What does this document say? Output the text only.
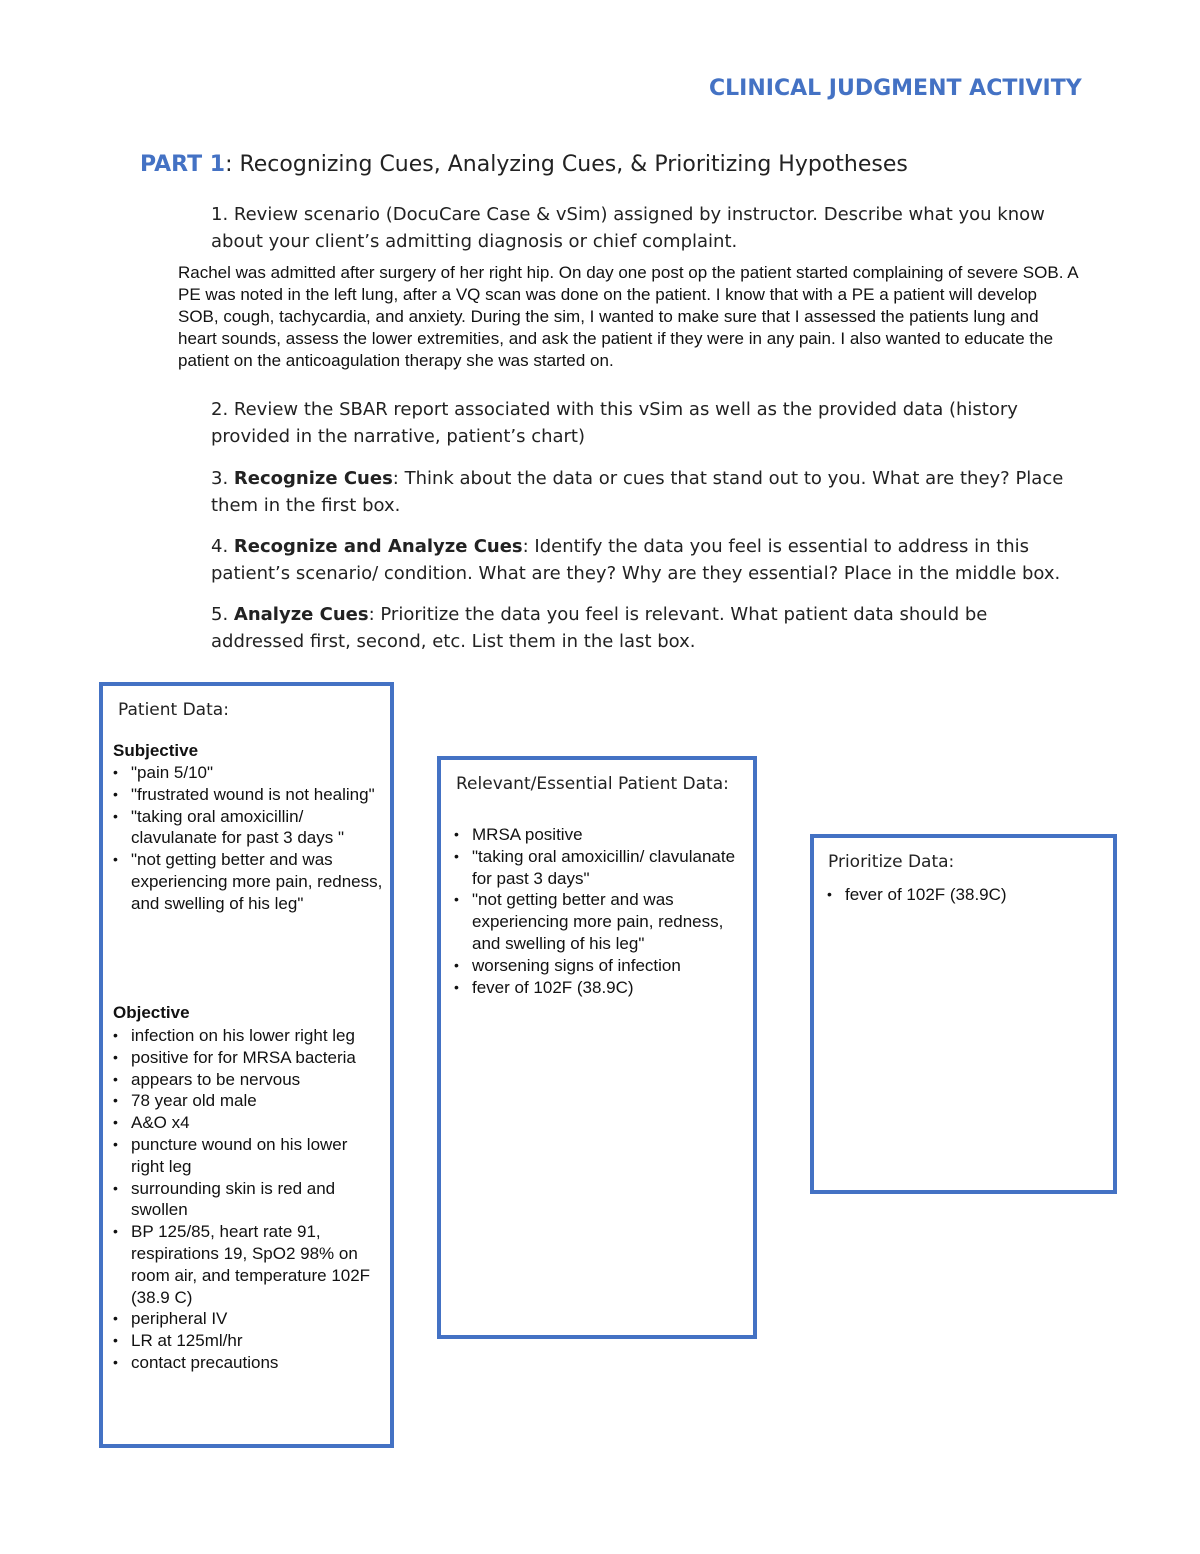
CLINICAL JUDGMENT ACTIVITY
PART 1: Recognizing Cues, Analyzing Cues, & Prioritizing Hypotheses
1. Review scenario (DocuCare Case & vSim) assigned by instructor. Describe what you know about your client’s admitting diagnosis or chief complaint.
Rachel was admitted after surgery of her right hip. On day one post op the patient started complaining of severe SOB. A PE was noted in the left lung, after a VQ scan was done on the patient. I know that with a PE a patient will develop SOB, cough, tachycardia, and anxiety. During the sim, I wanted to make sure that I assessed the patients lung and heart sounds, assess the lower extremities, and ask the patient if they were in any pain. I also wanted to educate the patient on the anticoagulation therapy she was started on.
2. Review the SBAR report associated with this vSim as well as the provided data (history provided in the narrative, patient’s chart)
3. Recognize Cues: Think about the data or cues that stand out to you. What are they? Place them in the first box.
4. Recognize and Analyze Cues: Identify the data you feel is essential to address in this patient’s scenario/ condition. What are they? Why are they essential? Place in the middle box.
5. Analyze Cues: Prioritize the data you feel is relevant. What patient data should be addressed first, second, etc. List them in the last box.
Patient Data:
Subjective
• "pain 5/10"
• "frustrated wound is not healing"
• "taking oral amoxicillin/ clavulanate for past 3 days "
• "not getting better and was experiencing more pain, redness, and swelling of his leg"
Objective
• infection on his lower right leg
• positive for for MRSA bacteria
• appears to be nervous
• 78 year old male
• A&O x4
• puncture wound on his lower right leg
• surrounding skin is red and swollen
• BP 125/85, heart rate 91, respirations 19, SpO2 98% on room air, and temperature 102F (38.9 C)
• peripheral IV
• LR at 125ml/hr
• contact precautions
Relevant/Essential Patient Data:
• MRSA positive
• "taking oral amoxicillin/ clavulanate for past 3 days"
• "not getting better and was experiencing more pain, redness, and swelling of his leg"
• worsening signs of infection
• fever of 102F (38.9C)
Prioritize Data:
• fever of 102F (38.9C)
